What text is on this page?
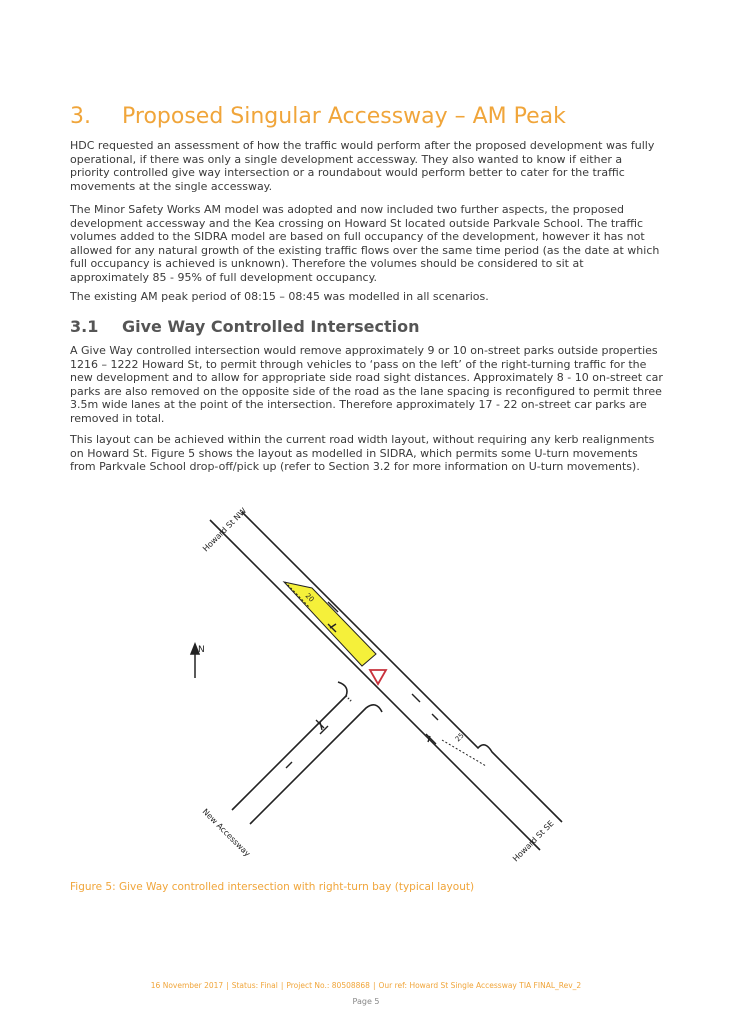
3. Proposed Singular Accessway – AM Peak

HDC requested an assessment of how the traffic would perform after the proposed development was fully operational, if there was only a single development accessway. They also wanted to know if either a priority controlled give way intersection or a roundabout would perform better to cater for the traffic movements at the single accessway.

The Minor Safety Works AM model was adopted and now included two further aspects, the proposed development accessway and the Kea crossing on Howard St located outside Parkvale School. The traffic volumes added to the SIDRA model are based on full occupancy of the development, however it has not allowed for any natural growth of the existing traffic flows over the same time period (as the date at which full occupancy is achieved is unknown). Therefore the volumes should be considered to sit at approximately 85 - 95% of full development occupancy.

The existing AM peak period of 08:15 – 08:45 was modelled in all scenarios.

3.1 Give Way Controlled Intersection

A Give Way controlled intersection would remove approximately 9 or 10 on-street parks outside properties 1216 – 1222 Howard St, to permit through vehicles to ‘pass on the left’ of the right-turning traffic for the new development and to allow for appropriate side road sight distances. Approximately 8 - 10 on-street car parks are also removed on the opposite side of the road as the lane spacing is reconfigured to permit three 3.5m wide lanes at the point of the intersection. Therefore approximately 17 - 22 on-street car parks are removed in total.

This layout can be achieved within the current road width layout, without requiring any kerb realignments on Howard St. Figure 5 shows the layout as modelled in SIDRA, which permits some U-turn movements from Parkvale School drop-off/pick up (refer to Section 3.2 for more information on U-turn movements).

N
Howard St NW
Howard St SE
New Accessway
20
25

Figure 5: Give Way controlled intersection with right-turn bay (typical layout)

16 November 2017 | Status: Final | Project No.: 80508868 | Our ref: Howard St Single Accessway TIA FINAL_Rev_2
Page 5
